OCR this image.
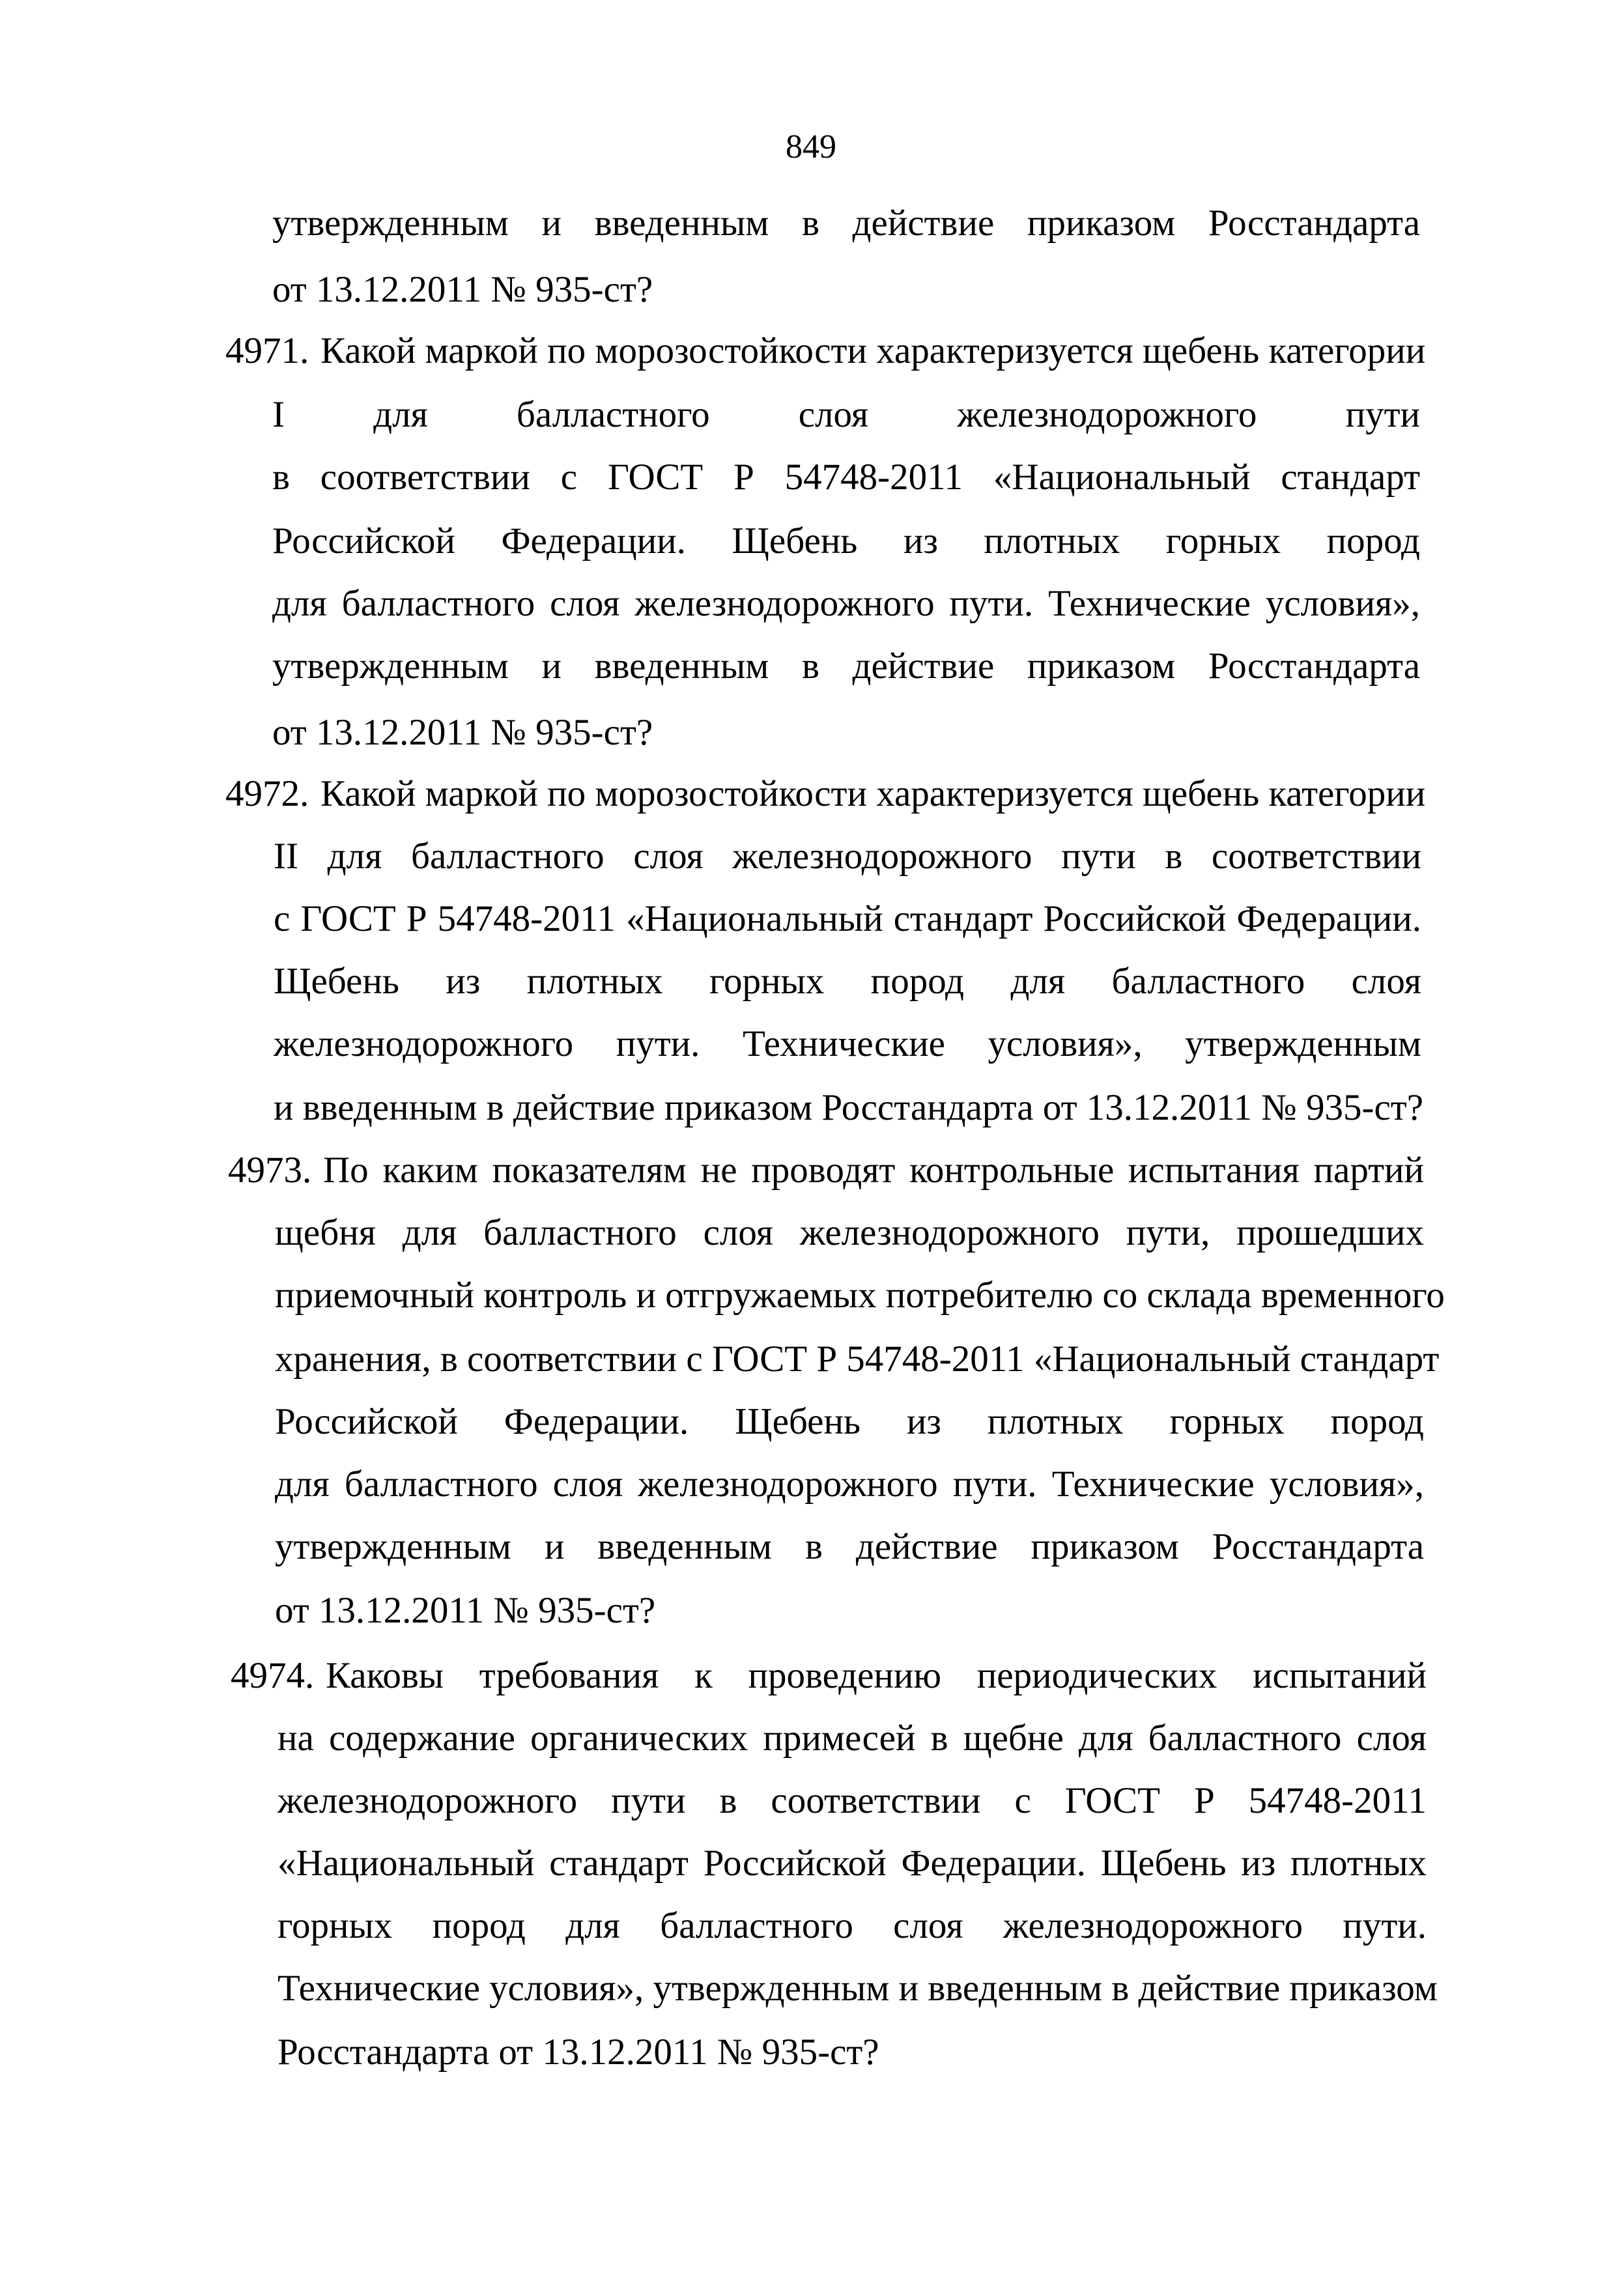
849
утвержденным и введенным в действие приказом Росстандарта
от 13.12.2011 № 935-ст?
4971. Какой маркой по морозостойкости характеризуется щебень категории
I для балластного слоя железнодорожного пути
в соответствии с ГОСТ Р 54748-2011 «Национальный стандарт
Российской Федерации. Щебень из плотных горных пород
для балластного слоя железнодорожного пути. Технические условия»,
утвержденным и введенным в действие приказом Росстандарта
от 13.12.2011 № 935-ст?
4972. Какой маркой по морозостойкости характеризуется щебень категории
II для балластного слоя железнодорожного пути в соответствии
с ГОСТ Р 54748-2011 «Национальный стандарт Российской Федерации.
Щебень из плотных горных пород для балластного слоя
железнодорожного пути. Технические условия», утвержденным
и введенным в действие приказом Росстандарта от 13.12.2011 № 935-ст?
4973. По каким показателям не проводят контрольные испытания партий
щебня для балластного слоя железнодорожного пути, прошедших
приемочный контроль и отгружаемых потребителю со склада временного
хранения, в соответствии с ГОСТ Р 54748-2011 «Национальный стандарт
Российской Федерации. Щебень из плотных горных пород
для балластного слоя железнодорожного пути. Технические условия»,
утвержденным и введенным в действие приказом Росстандарта
от 13.12.2011 № 935-ст?
4974. Каковы требования к проведению периодических испытаний
на содержание органических примесей в щебне для балластного слоя
железнодорожного пути в соответствии с ГОСТ Р 54748-2011
«Национальный стандарт Российской Федерации. Щебень из плотных
горных пород для балластного слоя железнодорожного пути.
Технические условия», утвержденным и введенным в действие приказом
Росстандарта от 13.12.2011 № 935-ст?
